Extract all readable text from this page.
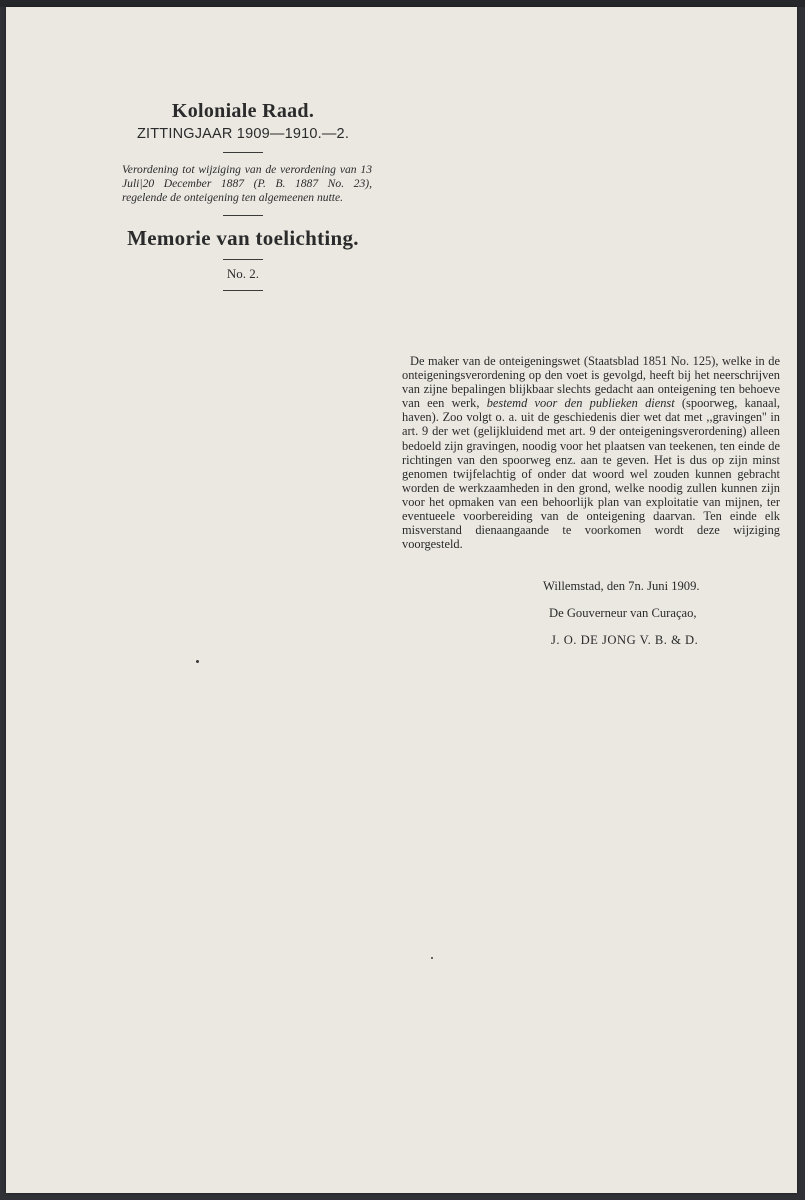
Koloniale Raad.
ZITTINGJAAR 1909—1910.—2.
Verordening tot wijziging van de verordening van 13 Juli|20 December 1887 (P. B. 1887 No. 23), regelende de onteigening ten algemeenen nutte.
Memorie van toelichting.
No. 2.
De maker van de onteigeningswet (Staatsblad 1851 No. 125), welke in de onteigeningsverordening op den voet is gevolgd, heeft bij het neerschrijven van zijne bepalingen blijkbaar slechts gedacht aan onteigening ten behoeve van een werk, bestemd voor den publieken dienst (spoorweg, kanaal, haven). Zoo volgt o. a. uit de geschiedenis dier wet dat met ,,gravingen'' in art. 9 der wet (gelijkluidend met art. 9 der onteigeningsverordening) alleen bedoeld zijn gravingen, noodig voor het plaatsen van teekenen, ten einde de richtingen van den spoorweg enz. aan te geven. Het is dus op zijn minst genomen twijfelachtig of onder dat woord wel zouden kunnen gebracht worden de werkzaamheden in den grond, welke noodig zullen kunnen zijn voor het opmaken van een behoorlijk plan van exploitatie van mijnen, ter eventueele voorbereiding van de onteigening daarvan. Ten einde elk misverstand dienaangaande te voorkomen wordt deze wijziging voorgesteld.
Willemstad, den 7n. Juni 1909.
De Gouverneur van Curaçao,
J. O. DE JONG V. B. & D.
